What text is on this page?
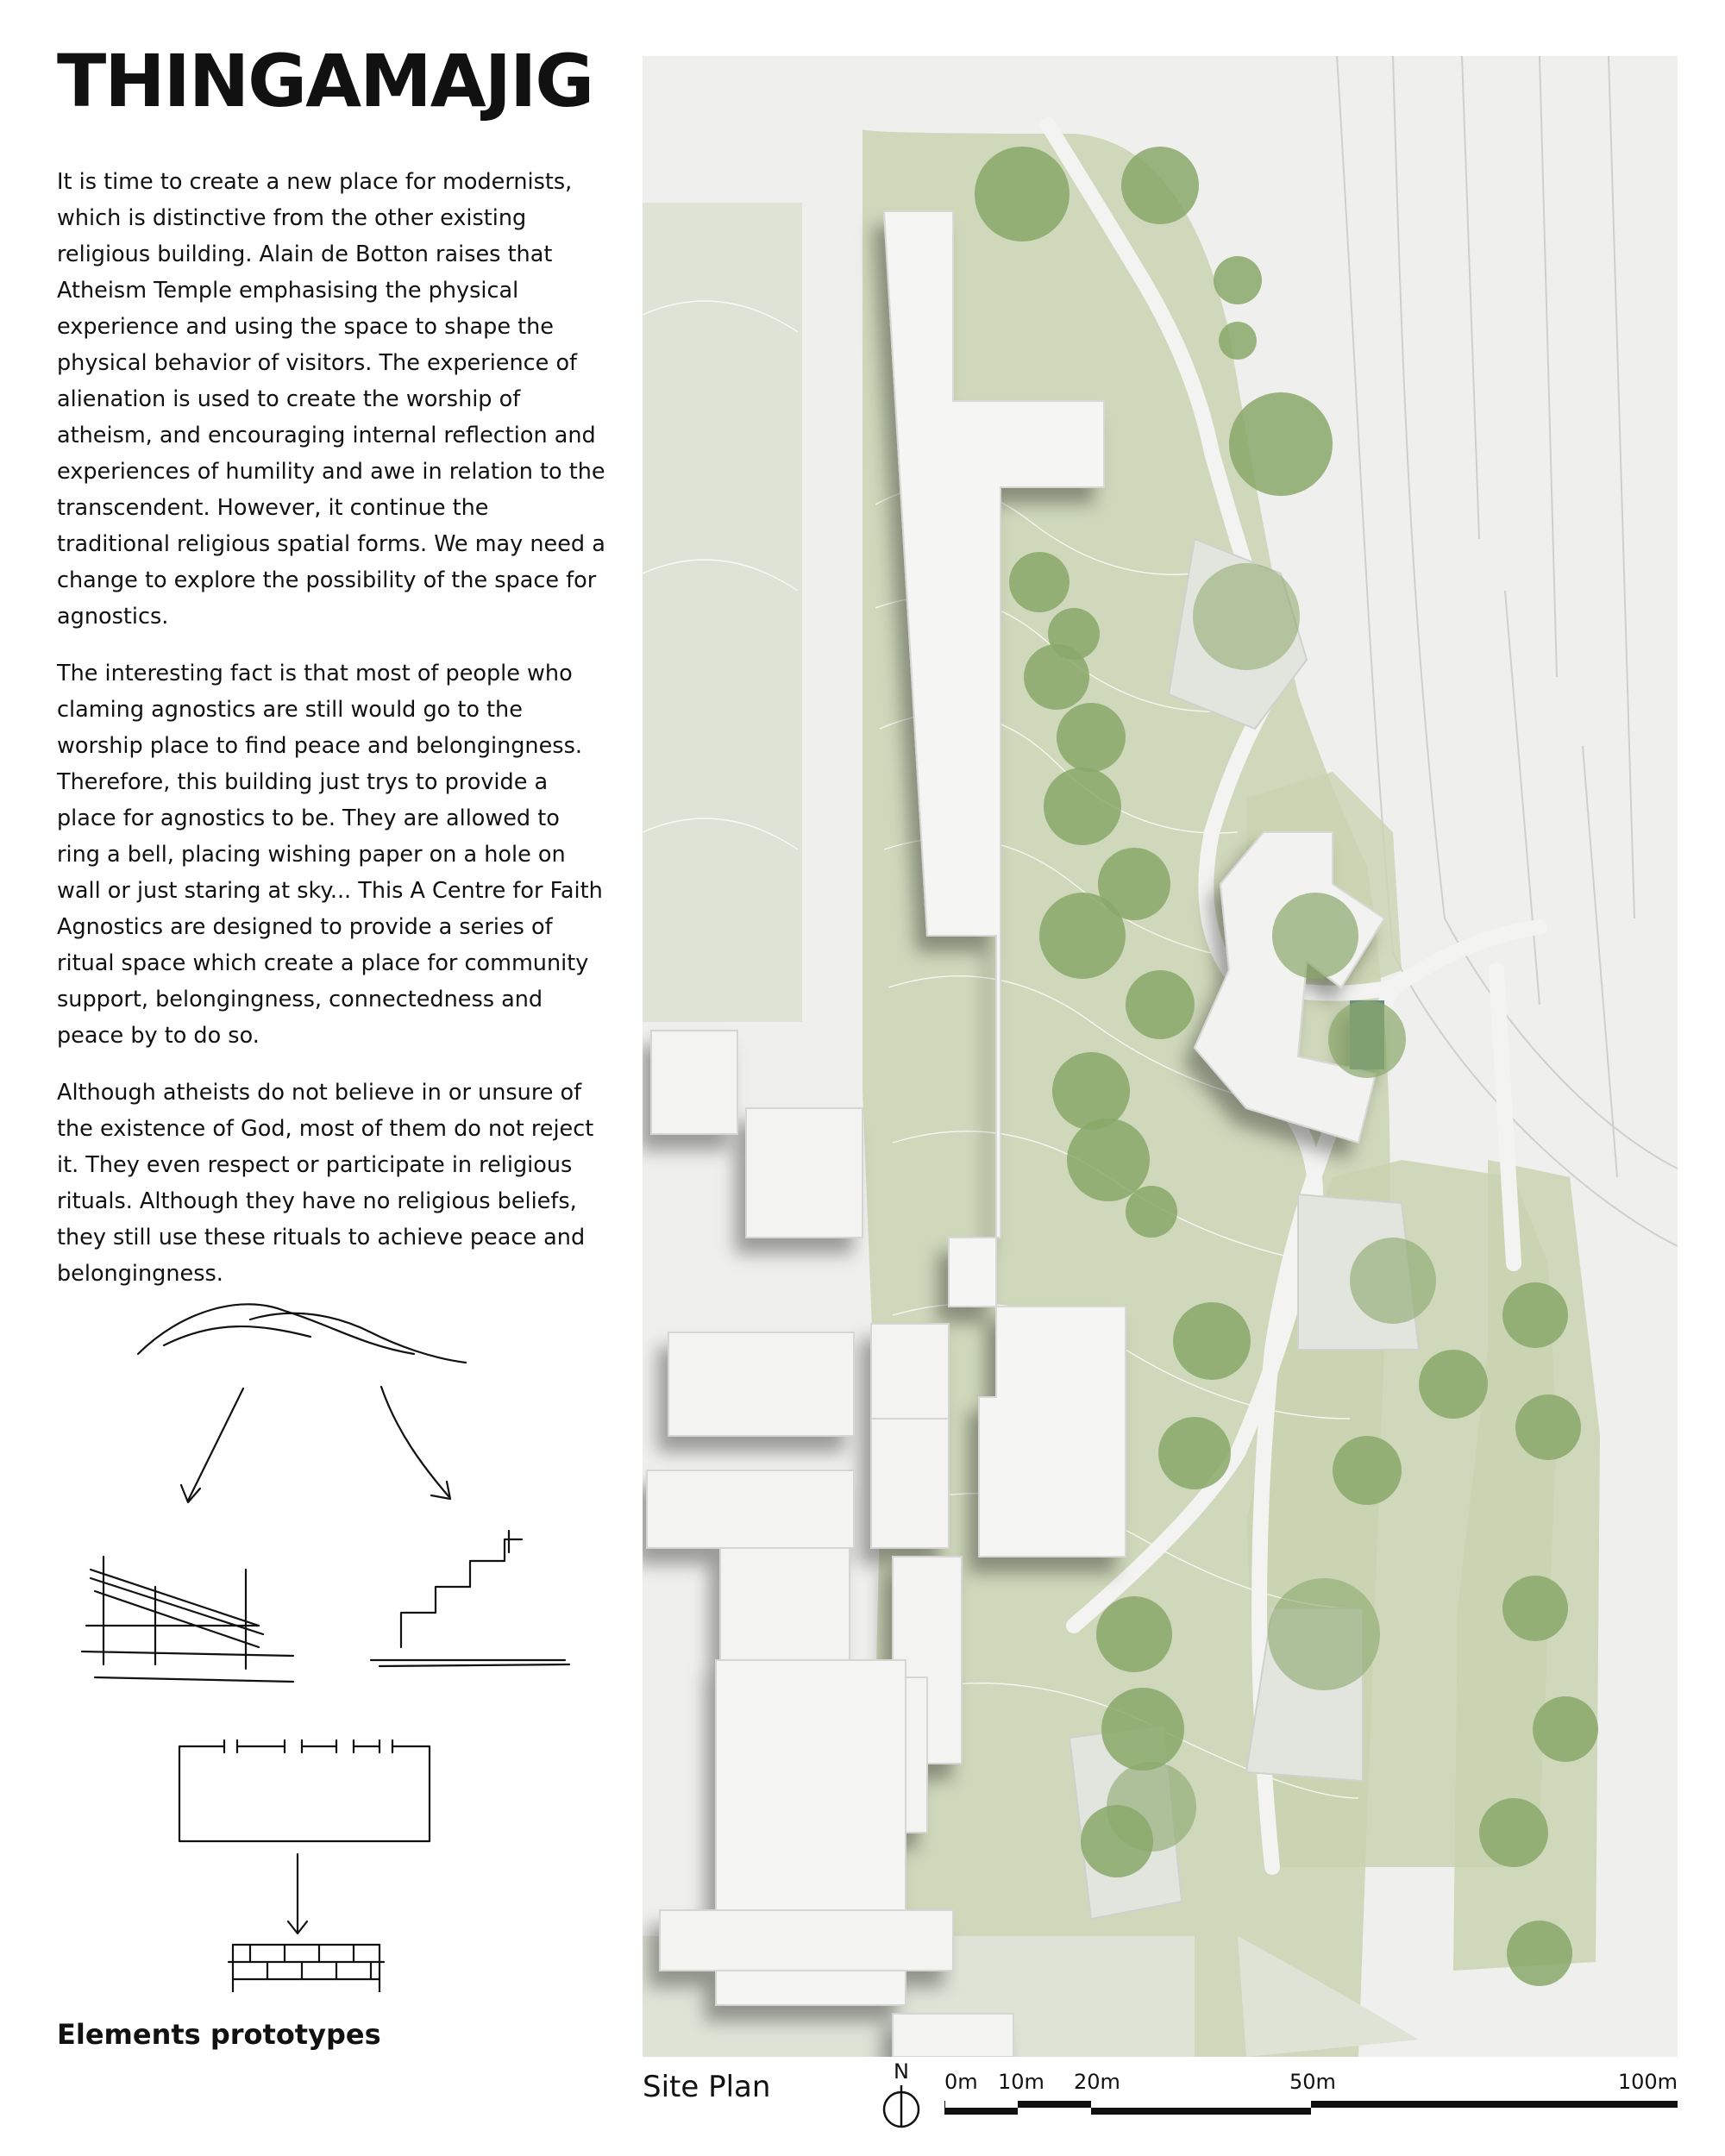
THINGAMAJIG

It is time to create a new place for modernists, which is distinctive from the other existing religious building. Alain de Botton raises that Atheism Temple emphasising the physical experience and using the space to shape the physical behavior of visitors. The experience of alienation is used to create the worship of atheism, and encouraging internal reflection and experiences of humility and awe in relation to the transcendent. However, it continue the traditional religious spatial forms. We may need a change to explore the possibility of the space for agnostics.

The interesting fact is that most of people who claming agnostics are still would go to the worship place to find peace and belongingness. Therefore, this building just trys to provide a place for agnostics to be. They are allowed to ring a bell, placing wishing paper on a hole on wall or just staring at sky... This A Centre for Faith Agnostics are designed to provide a series of ritual space which create a place for community support, belongingness, connectedness and peace by to do so.

Although atheists do not believe in or unsure of the existence of God, most of them do not reject it. They even respect or participate in religious rituals. Although they have no religious beliefs, they still use these rituals to achieve peace and belongingness.

Elements prototypes
Site Plan	N	0m 10m 20m	50m	100m
